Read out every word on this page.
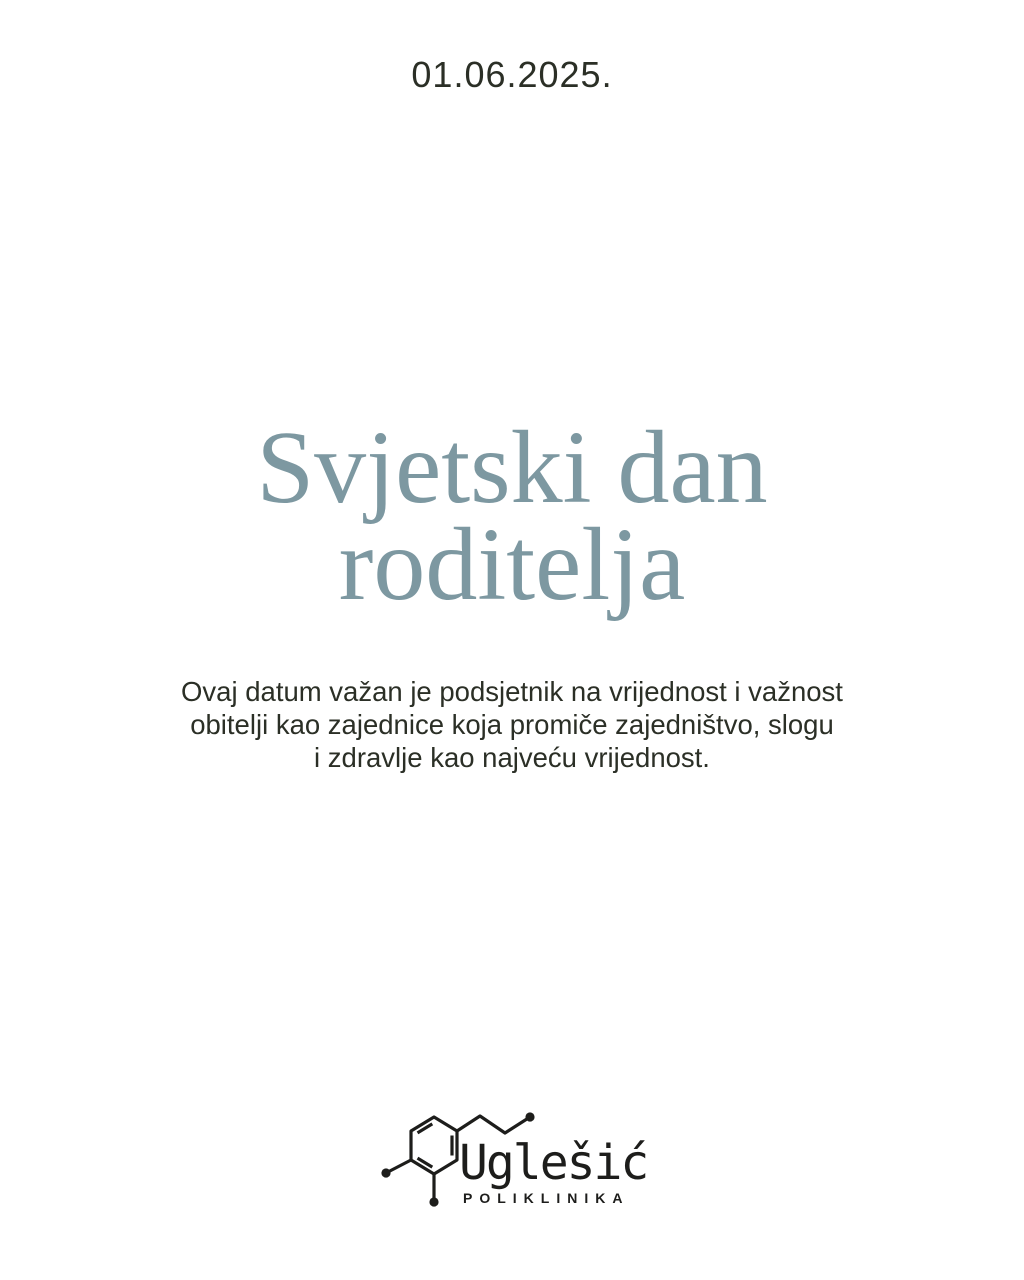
01.06.2025.
Svjetski dan
roditelja
Ovaj datum važan je podsjetnik na vrijednost i važnost
obitelji kao zajednice koja promiče zajedništvo, slogu
i zdravlje kao najveću vrijednost.
Uglešić
POLIKLINIKA
